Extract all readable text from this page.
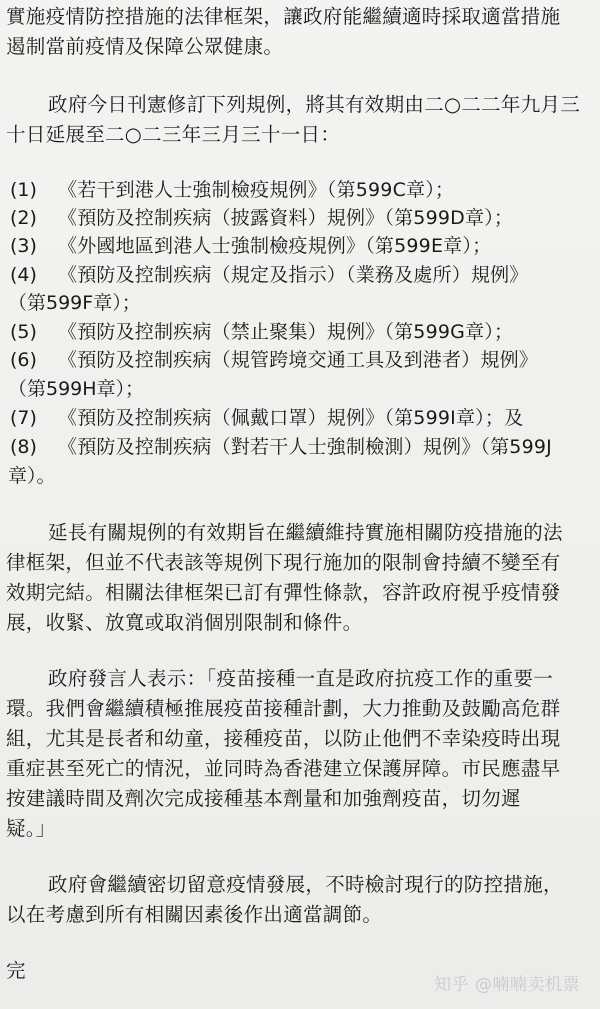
實施疫情防控措施的法律框架，讓政府能繼續適時採取適當措施
遏制當前疫情及保障公眾健康。
政府今日刊憲修訂下列規例，將其有效期由二○二二年九月三
十日延展至二○二三年三月三十一日：
(1) 《若干到港人士強制檢疫規例》（第599C章）；
(2) 《預防及控制疾病（披露資料）規例》（第599D章）；
(3) 《外國地區到港人士強制檢疫規例》（第599E章）；
(4) 《預防及控制疾病（規定及指示）（業務及處所）規例》
（第599F章）；
(5) 《預防及控制疾病（禁止聚集）規例》（第599G章）；
(6) 《預防及控制疾病（規管跨境交通工具及到港者）規例》
（第599H章）；
(7) 《預防及控制疾病（佩戴口罩）規例》（第599I章）；及
(8) 《預防及控制疾病（對若干人士強制檢測）規例》（第599J
章）。
延長有關規例的有效期旨在繼續維持實施相關防疫措施的法
律框架，但並不代表該等規例下現行施加的限制會持續不變至有
效期完結。相關法律框架已訂有彈性條款，容許政府視乎疫情發
展，收緊、放寬或取消個別限制和條件。
政府發言人表示：「疫苗接種一直是政府抗疫工作的重要一
環。我們會繼續積極推展疫苗接種計劃，大力推動及鼓勵高危群
組，尤其是長者和幼童，接種疫苗，以防止他們不幸染疫時出現
重症甚至死亡的情況，並同時為香港建立保護屏障。市民應盡早
按建議時間及劑次完成接種基本劑量和加強劑疫苗，切勿遲
疑。」
政府會繼續密切留意疫情發展，不時檢討現行的防控措施，
以在考慮到所有相關因素後作出適當調節。
完
知乎 @喃喃卖机票
